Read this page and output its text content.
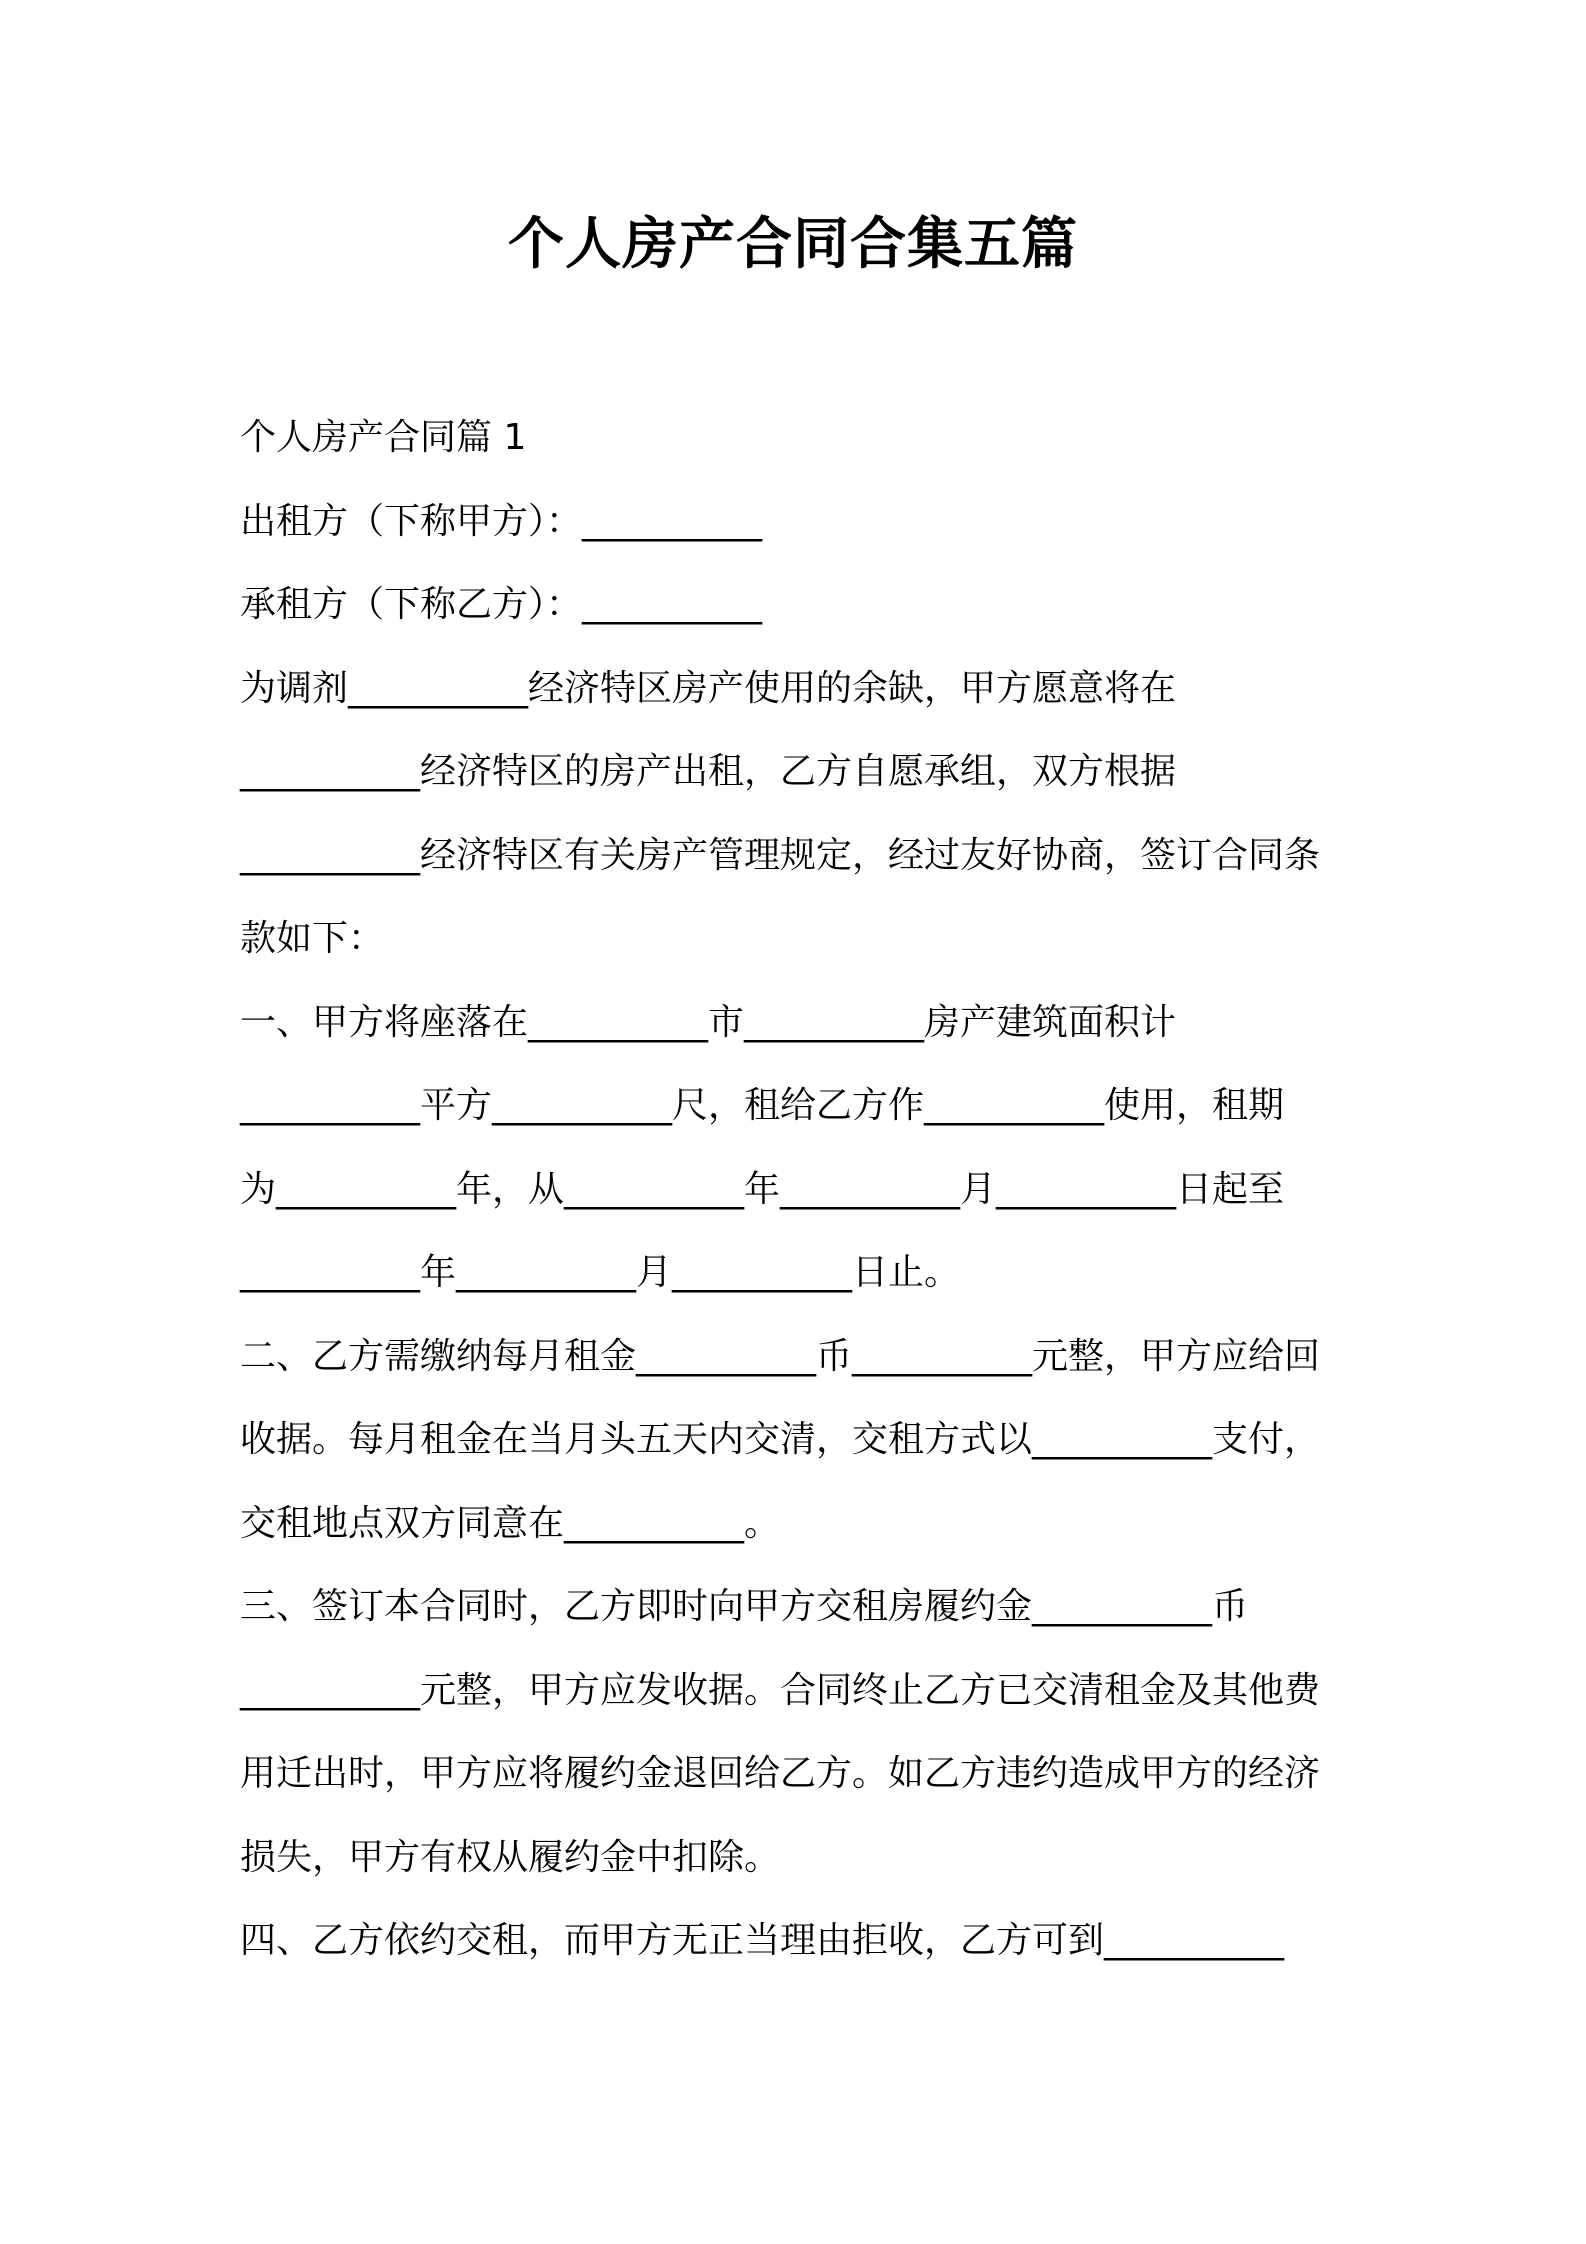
个人房产合同合集五篇
个人房产合同篇 1
出租方（下称甲方）：__________
承租方（下称乙方）：__________
为调剂__________经济特区房产使用的余缺，甲方愿意将在
__________经济特区的房产出租，乙方自愿承组，双方根据
__________经济特区有关房产管理规定，经过友好协商，签订合同条
款如下：
一、甲方将座落在__________市__________房产建筑面积计
__________平方__________尺，租给乙方作__________使用，租期
为__________年，从__________年__________月__________日起至
__________年__________月__________日止。
二、乙方需缴纳每月租金__________币__________元整，甲方应给回
收据。每月租金在当月头五天内交清，交租方式以__________支付，
交租地点双方同意在__________。
三、签订本合同时，乙方即时向甲方交租房履约金__________币
__________元整，甲方应发收据。合同终止乙方已交清租金及其他费
用迁出时，甲方应将履约金退回给乙方。如乙方违约造成甲方的经济
损失，甲方有权从履约金中扣除。
四、乙方依约交租，而甲方无正当理由拒收，乙方可到__________
